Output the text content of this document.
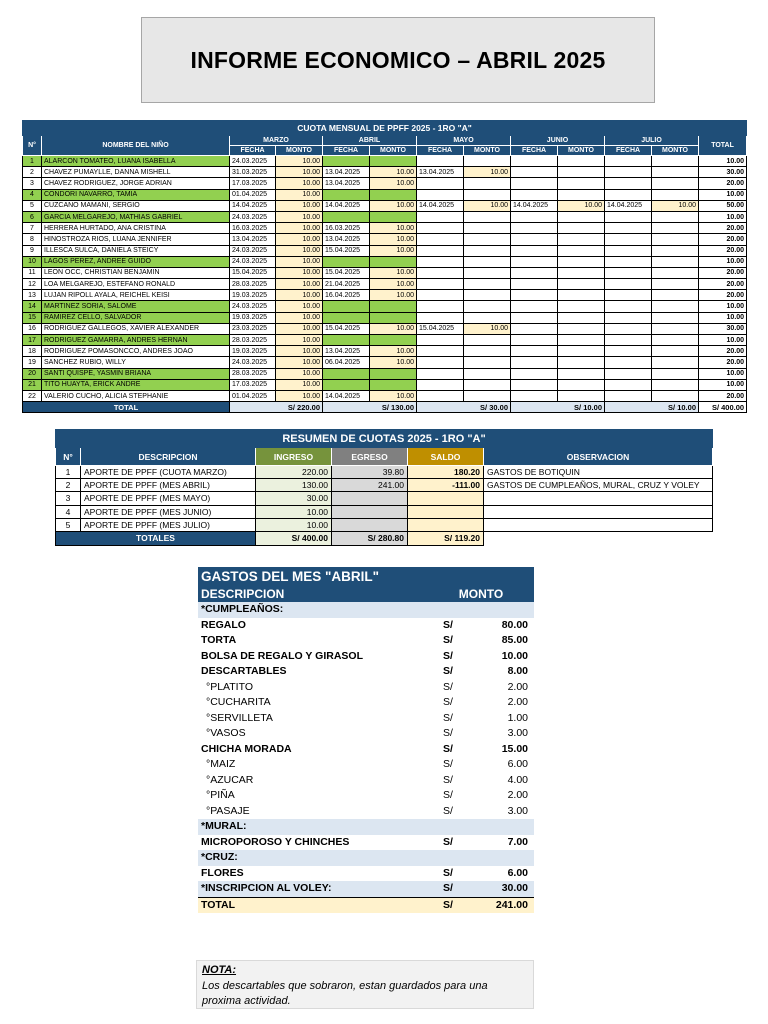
INFORME ECONOMICO – ABRIL 2025
CUOTA MENSUAL DE PPFF 2025 - 1RO "A"												
N°	NOMBRE DEL NIÑO	MARZO		ABRIL		MAYO		JUNIO		JULIO		TOTAL
		FECHA	MONTO	FECHA	MONTO	FECHA	MONTO	FECHA	MONTO	FECHA	MONTO	
1	ALARCON TOMATEO, LUANA ISABELLA	24.03.2025	10.00									10.00
2	CHAVEZ PUMAYLLE, DANNA MISHELL	31.03.2025	10.00	13.04.2025	10.00	13.04.2025	10.00					30.00
3	CHAVEZ RODRIGUEZ, JORGE ADRIAN	17.03.2025	10.00	13.04.2025	10.00							20.00
4	CONDORI NAVARRO, TAMIA	01.04.2025	10.00									10.00
5	CUZCANO MAMANI, SERGIO	14.04.2025	10.00	14.04.2025	10.00	14.04.2025	10.00	14.04.2025	10.00	14.04.2025	10.00	50.00
6	GARCIA MELGAREJO, MATHIAS GABRIEL	24.03.2025	10.00									10.00
7	HERRERA HURTADO, ANA CRISTINA	16.03.2025	10.00	16.03.2025	10.00							20.00
8	HINOSTROZA RIOS, LUANA JENNIFER	13.04.2025	10.00	13.04.2025	10.00							20.00
9	ILLESCA SULCA, DANIELA STEICY	24.03.2025	10.00	15.04.2025	10.00							20.00
10	LAGOS PEREZ, ANDREE GUIDO	24.03.2025	10.00									10.00
11	LEON OCC, CHRISTIAN BENJAMIN	15.04.2025	10.00	15.04.2025	10.00							20.00
12	LOA MELGAREJO, ESTEFANO RONALD	28.03.2025	10.00	21.04.2025	10.00							20.00
13	LUJAN RIPOLL AYALA, REICHEL KEISI	19.03.2025	10.00	16.04.2025	10.00							20.00
14	MARTINEZ SORIA, SALOME	24.03.2025	10.00									10.00
15	RAMIREZ CELLO, SALVADOR	19.03.2025	10.00									10.00
16	RODRIGUEZ GALLEGOS, XAVIER ALEXANDER	23.03.2025	10.00	15.04.2025	10.00	15.04.2025	10.00					30.00
17	RODRIGUEZ GAMARRA, ANDRES HERNAN	28.03.2025	10.00									10.00
18	RODRIGUEZ POMASONCCO, ANDRES JOAO	19.03.2025	10.00	13.04.2025	10.00							20.00
19	SANCHEZ RUBIO, WILLY	24.03.2025	10.00	06.04.2025	10.00							20.00
20	SANTI QUISPE, YASMIN BRIANA	28.03.2025	10.00									10.00
21	TITO HUAYTA, ERICK ANDRE	17.03.2025	10.00									10.00
22	VALERIO CUCHO, ALICIA STEPHANIE	01.04.2025	10.00	14.04.2025	10.00							20.00
TOTAL		S/ 220.00		S/ 130.00		S/ 30.00		S/ 10.00		S/ 10.00		S/ 400.00
RESUMEN DE CUOTAS 2025 - 1RO "A"					
N°	DESCRIPCION	INGRESO	EGRESO	SALDO	OBSERVACION
1	APORTE DE PPFF (CUOTA MARZO)	220.00	39.80	180.20	GASTOS DE BOTIQUIN
2	APORTE DE PPFF (MES ABRIL)	130.00	241.00	-111.00	GASTOS DE CUMPLEAÑOS, MURAL, CRUZ Y VOLEY
3	APORTE DE PPFF (MES MAYO)	30.00			
4	APORTE DE PPFF (MES JUNIO)	10.00			
5	APORTE DE PPFF (MES JULIO)	10.00			
TOTALES		S/ 400.00	S/ 280.80	S/ 119.20	
GASTOS DEL MES "ABRIL"		
DESCRIPCION	MONTO	
*CUMPLEAÑOS:		
REGALO	S/	80.00
TORTA	S/	85.00
BOLSA DE REGALO Y GIRASOL	S/	10.00
DESCARTABLES	S/	8.00
°PLATITO	S/	2.00
°CUCHARITA	S/	2.00
°SERVILLETA	S/	1.00
°VASOS	S/	3.00
CHICHA MORADA	S/	15.00
°MAIZ	S/	6.00
°AZUCAR	S/	4.00
°PIÑA	S/	2.00
°PASAJE	S/	3.00
*MURAL:		
MICROPOROSO Y CHINCHES	S/	7.00
*CRUZ:		
FLORES	S/	6.00
*INSCRIPCION AL VOLEY:	S/	30.00
TOTAL	S/	241.00
NOTA:
Los descartables que sobraron, estan guardados para una proxima actividad.
